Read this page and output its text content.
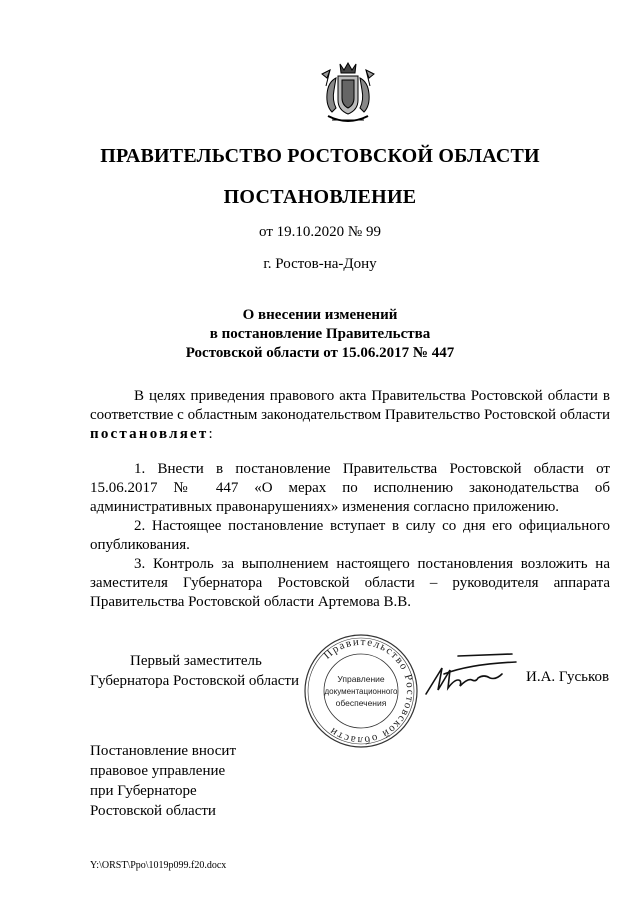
ПРАВИТЕЛЬСТВО РОСТОВСКОЙ ОБЛАСТИ
ПОСТАНОВЛЕНИЕ
от 19.10.2020 № 99
г. Ростов-на-Дону
О внесении изменений
в постановление Правительства
Ростовской области от 15.06.2017 № 447

В целях приведения правового акта Правительства Ростовской области в соответствие с областным законодательством Правительство Ростовской области постановляет:

1. Внести в постановление Правительства Ростовской области от 15.06.2017 № 447 «О мерах по исполнению законодательства об административных правонарушениях» изменения согласно приложению.

2. Настоящее постановление вступает в силу со дня его официального опубликования.

3. Контроль за выполнением настоящего постановления возложить на заместителя Губернатора Ростовской области – руководителя аппарата Правительства Ростовской области Артемова В.В.

Первый заместитель
Губернатора Ростовской области
Правительство Ростовской области
Управление
документационного
обеспечения
И.А. Гуськов
Постановление вносит
правовое управление
при Губернаторе
Ростовской области
Y:\ORST\Ppo\1019p099.f20.docx
